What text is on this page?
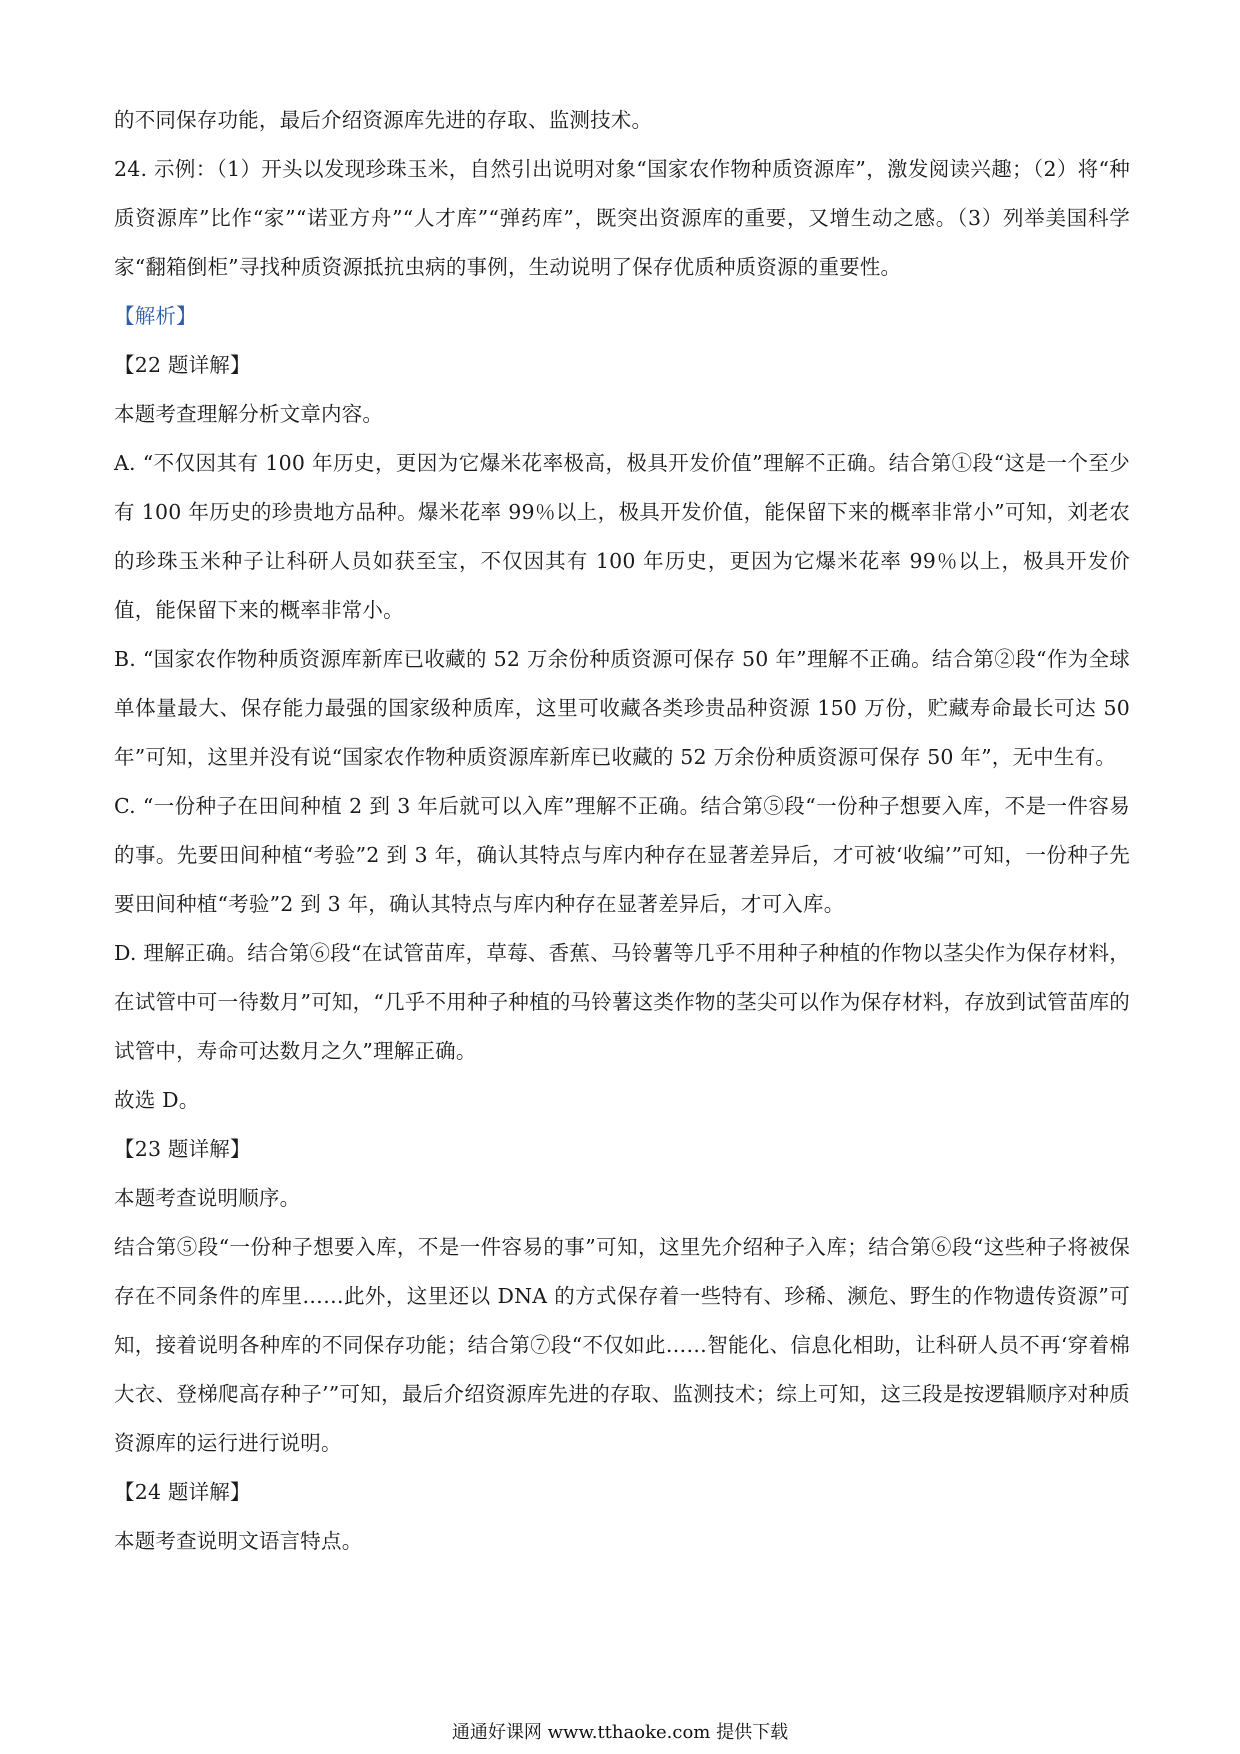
的不同保存功能，最后介绍资源库先进的存取、监测技术。

24. 示例：（1）开头以发现珍珠玉米，自然引出说明对象“国家农作物种质资源库”，激发阅读兴趣；（2）将“种质资源库”比作“家”“诺亚方舟”“人才库”“弹药库”，既突出资源库的重要，又增生动之感。（3）列举美国科学家“翻箱倒柜”寻找种质资源抵抗虫病的事例，生动说明了保存优质种质资源的重要性。

【解析】

【22 题详解】

本题考查理解分析文章内容。

A. “不仅因其有 100 年历史，更因为它爆米花率极高，极具开发价值”理解不正确。结合第①段“这是一个至少有 100 年历史的珍贵地方品种。爆米花率 99％以上，极具开发价值，能保留下来的概率非常小”可知，刘老农的珍珠玉米种子让科研人员如获至宝，不仅因其有 100 年历史，更因为它爆米花率 99％以上，极具开发价值，能保留下来的概率非常小。

B. “国家农作物种质资源库新库已收藏的 52 万余份种质资源可保存 50 年”理解不正确。结合第②段“作为全球单体量最大、保存能力最强的国家级种质库，这里可收藏各类珍贵品种资源 150 万份，贮藏寿命最长可达 50 年”可知，这里并没有说“国家农作物种质资源库新库已收藏的 52 万余份种质资源可保存 50 年”，无中生有。

C. “一份种子在田间种植 2 到 3 年后就可以入库”理解不正确。结合第⑤段“一份种子想要入库，不是一件容易的事。先要田间种植“考验”2 到 3 年，确认其特点与库内种存在显著差异后，才可被‘收编’”可知，一份种子先要田间种植“考验”2 到 3 年，确认其特点与库内种存在显著差异后，才可入库。

D. 理解正确。结合第⑥段“在试管苗库，草莓、香蕉、马铃薯等几乎不用种子种植的作物以茎尖作为保存材料，在试管中可一待数月”可知，“几乎不用种子种植的马铃薯这类作物的茎尖可以作为保存材料，存放到试管苗库的试管中，寿命可达数月之久”理解正确。

故选 D。

【23 题详解】

本题考查说明顺序。

结合第⑤段“一份种子想要入库，不是一件容易的事”可知，这里先介绍种子入库；结合第⑥段“这些种子将被保存在不同条件的库里……此外，这里还以 DNA 的方式保存着一些特有、珍稀、濒危、野生的作物遗传资源”可知，接着说明各种库的不同保存功能；结合第⑦段“不仅如此……智能化、信息化相助，让科研人员不再‘穿着棉大衣、登梯爬高存种子’”可知，最后介绍资源库先进的存取、监测技术；综上可知，这三段是按逻辑顺序对种质资源库的运行进行说明。

【24 题详解】

本题考查说明文语言特点。

通通好课网 www.tthaoke.com 提供下载
